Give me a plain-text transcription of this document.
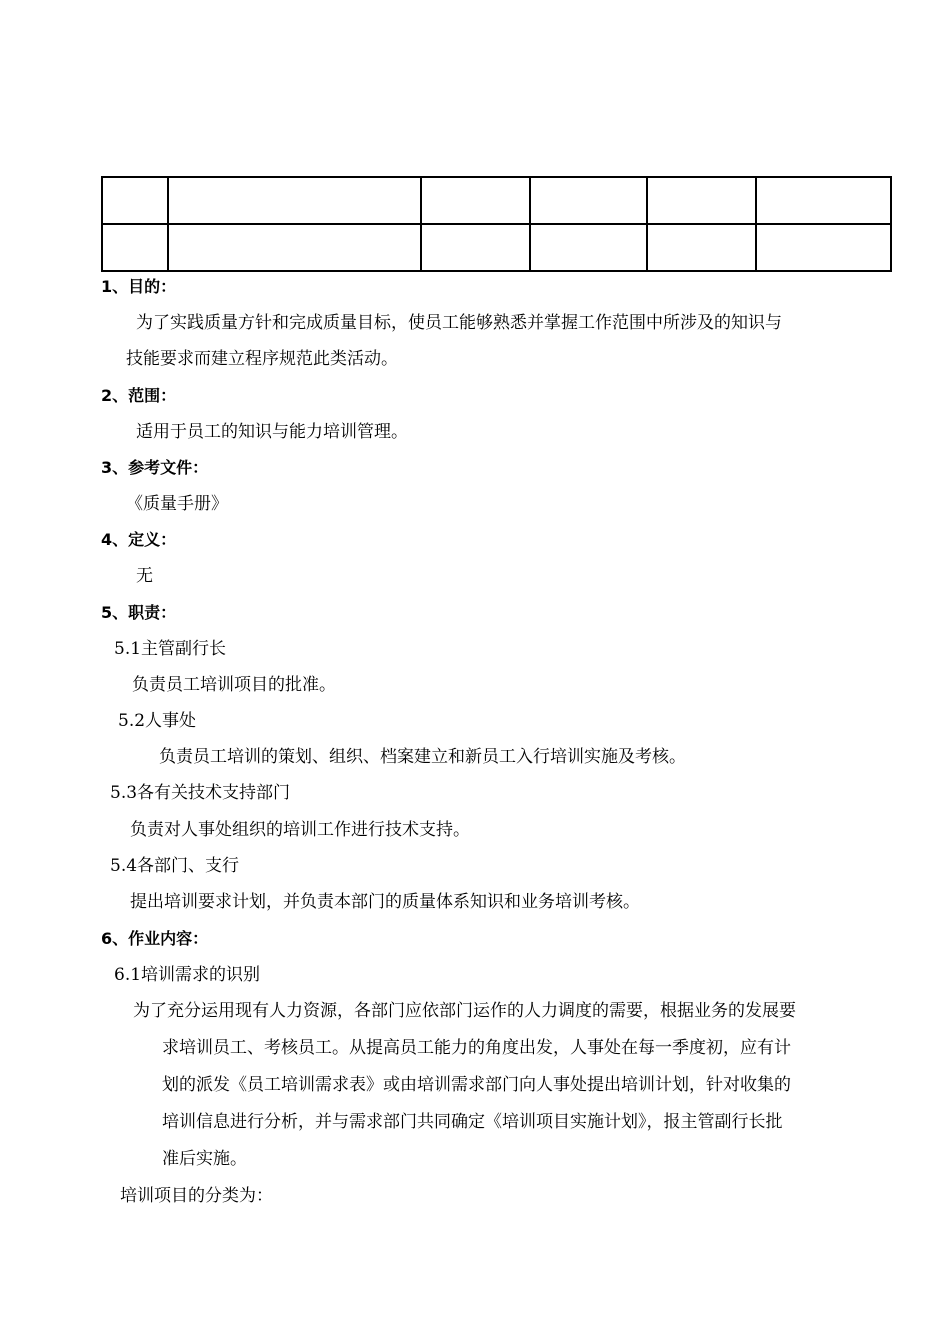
1、目的：
为了实践质量方针和完成质量目标，使员工能够熟悉并掌握工作范围中所涉及的知识与
技能要求而建立程序规范此类活动。
2、范围：
适用于员工的知识与能力培训管理。
3、参考文件：
《质量手册》
4、定义：
无
5、职责：
5.1主管副行长
负责员工培训项目的批准。
5.2人事处
负责员工培训的策划、组织、档案建立和新员工入行培训实施及考核。
5.3各有关技术支持部门
负责对人事处组织的培训工作进行技术支持。
5.4各部门、支行
提出培训要求计划，并负责本部门的质量体系知识和业务培训考核。
6、作业内容：
6.1培训需求的识别
为了充分运用现有人力资源，各部门应依部门运作的人力调度的需要，根据业务的发展要
求培训员工、考核员工。从提高员工能力的角度出发，人事处在每一季度初，应有计
划的派发《员工培训需求表》或由培训需求部门向人事处提出培训计划，针对收集的
培训信息进行分析，并与需求部门共同确定《培训项目实施计划》，报主管副行长批
准后实施。
培训项目的分类为：
